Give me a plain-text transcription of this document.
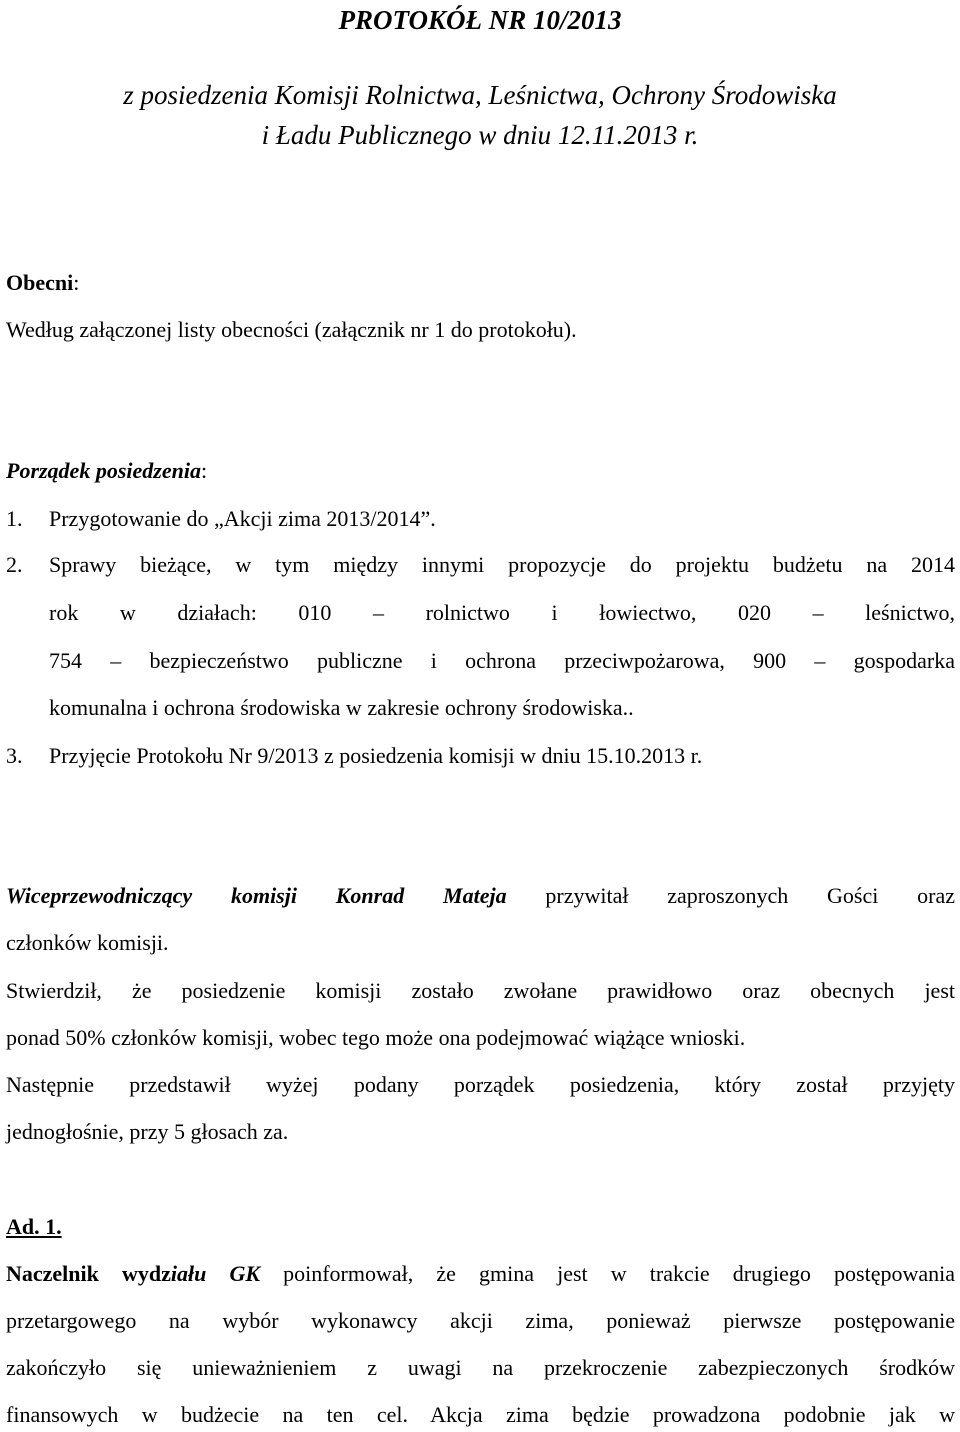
PROTOKÓŁ NR 10/2013
z posiedzenia Komisji Rolnictwa, Leśnictwa, Ochrony Środowiska
i Ładu Publicznego w dniu 12.11.2013 r.
Obecni:
Według załączonej listy obecności (załącznik nr 1 do protokołu).
Porządek posiedzenia:
1. Przygotowanie do „Akcji zima 2013/2014”.
2. Sprawy bieżące, w tym między innymi propozycje do projektu budżetu na 2014
rok w działach: 010 – rolnictwo i łowiectwo, 020 – leśnictwo,
754 – bezpieczeństwo publiczne i ochrona przeciwpożarowa, 900 – gospodarka
komunalna i ochrona środowiska w zakresie ochrony środowiska..
3. Przyjęcie Protokołu Nr 9/2013 z posiedzenia komisji w dniu 15.10.2013 r.
Wiceprzewodniczący komisji Konrad Mateja przywitał zaproszonych Gości oraz
członków komisji.
Stwierdził, że posiedzenie komisji zostało zwołane prawidłowo oraz obecnych jest
ponad 50% członków komisji, wobec tego może ona podejmować wiążące wnioski.
Następnie przedstawił wyżej podany porządek posiedzenia, który został przyjęty
jednogłośnie, przy 5 głosach za.
Ad. 1.
Naczelnik wydziału GK poinformował, że gmina jest w trakcie drugiego postępowania
przetargowego na wybór wykonawcy akcji zima, ponieważ pierwsze postępowanie
zakończyło się unieważnieniem z uwagi na przekroczenie zabezpieczonych środków
finansowych w budżecie na ten cel. Akcja zima będzie prowadzona podobnie jak w
